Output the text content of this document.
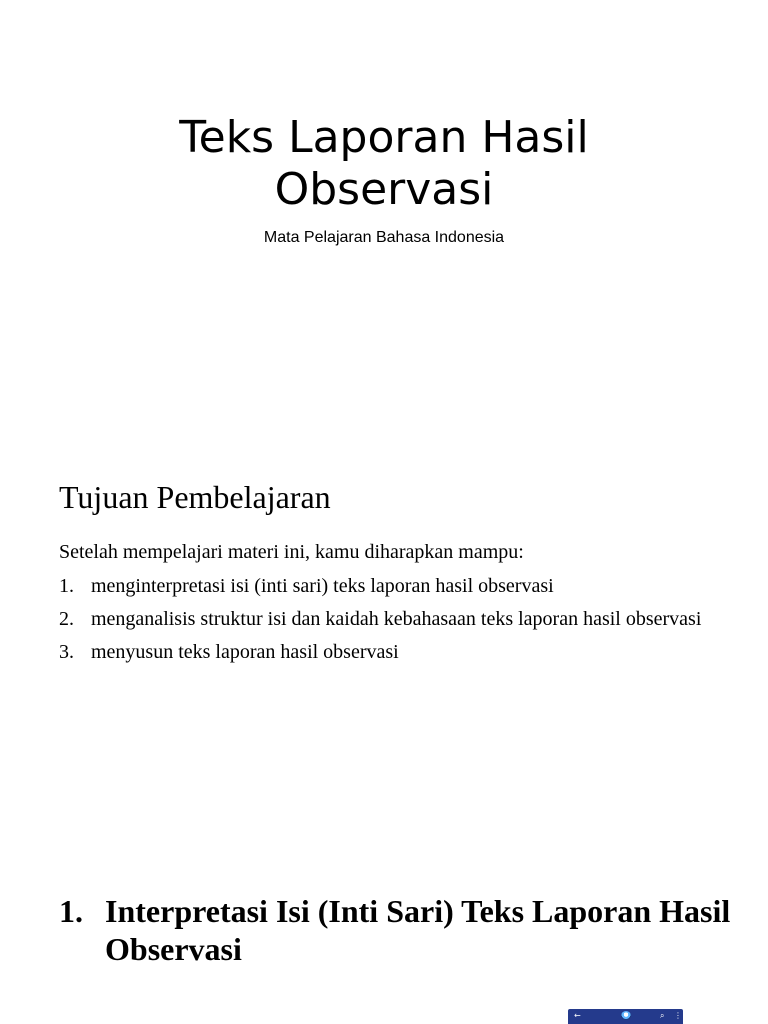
Teks Laporan Hasil Observasi
Mata Pelajaran Bahasa Indonesia
Tujuan Pembelajaran

Setelah mempelajari materi ini, kamu diharapkan mampu:

1. menginterpretasi isi (inti sari) teks laporan hasil observasi
2. menganalisis struktur isi dan kaidah kebahasaan teks laporan hasil observasi
3. menyusun teks laporan hasil observasi
1. Interpretasi Isi (Inti Sari) Teks Laporan Hasil Observasi
←	⌕ ⋮
